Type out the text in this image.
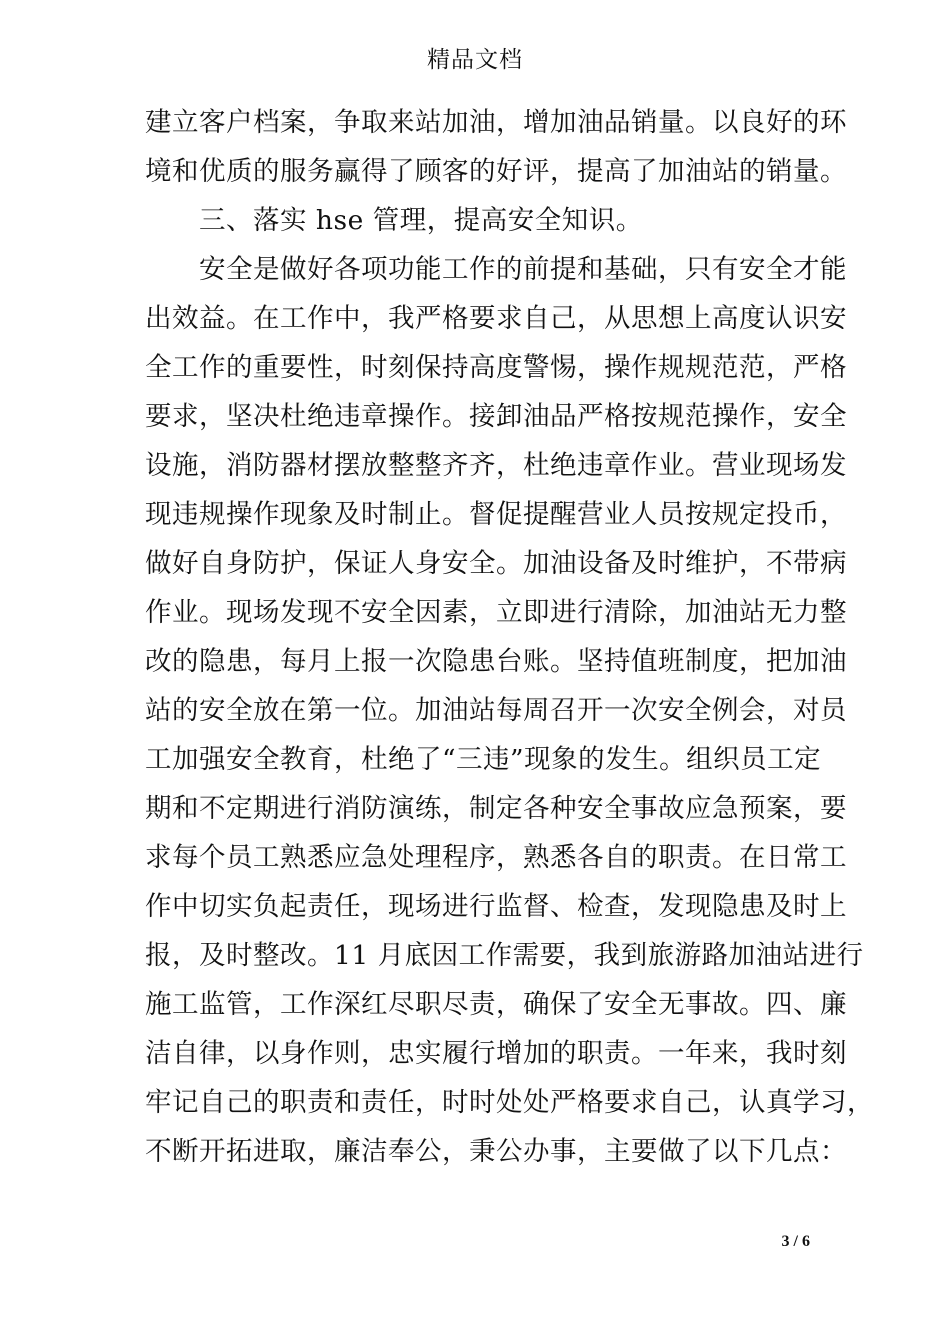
精品文档
建立客户档案，争取来站加油，增加油品销量。以良好的环
境和优质的服务赢得了顾客的好评，提高了加油站的销量。
三、落实 hse 管理，提高安全知识。
安全是做好各项功能工作的前提和基础，只有安全才能
出效益。在工作中，我严格要求自己，从思想上高度认识安
全工作的重要性，时刻保持高度警惕，操作规规范范，严格
要求，坚决杜绝违章操作。接卸油品严格按规范操作，安全
设施，消防器材摆放整整齐齐，杜绝违章作业。营业现场发
现违规操作现象及时制止。督促提醒营业人员按规定投币，
做好自身防护，保证人身安全。加油设备及时维护，不带病
作业。现场发现不安全因素，立即进行清除，加油站无力整
改的隐患，每月上报一次隐患台账。坚持值班制度，把加油
站的安全放在第一位。加油站每周召开一次安全例会，对员
工加强安全教育，杜绝了“三违”现象的发生。组织员工定
期和不定期进行消防演练，制定各种安全事故应急预案，要
求每个员工熟悉应急处理程序，熟悉各自的职责。在日常工
作中切实负起责任，现场进行监督、检查，发现隐患及时上
报，及时整改。11 月底因工作需要，我到旅游路加油站进行
施工监管，工作深红尽职尽责，确保了安全无事故。四、廉
洁自律，以身作则，忠实履行增加的职责。一年来，我时刻
牢记自己的职责和责任，时时处处严格要求自己，认真学习，
不断开拓进取，廉洁奉公，秉公办事，主要做了以下几点：
3 / 6
